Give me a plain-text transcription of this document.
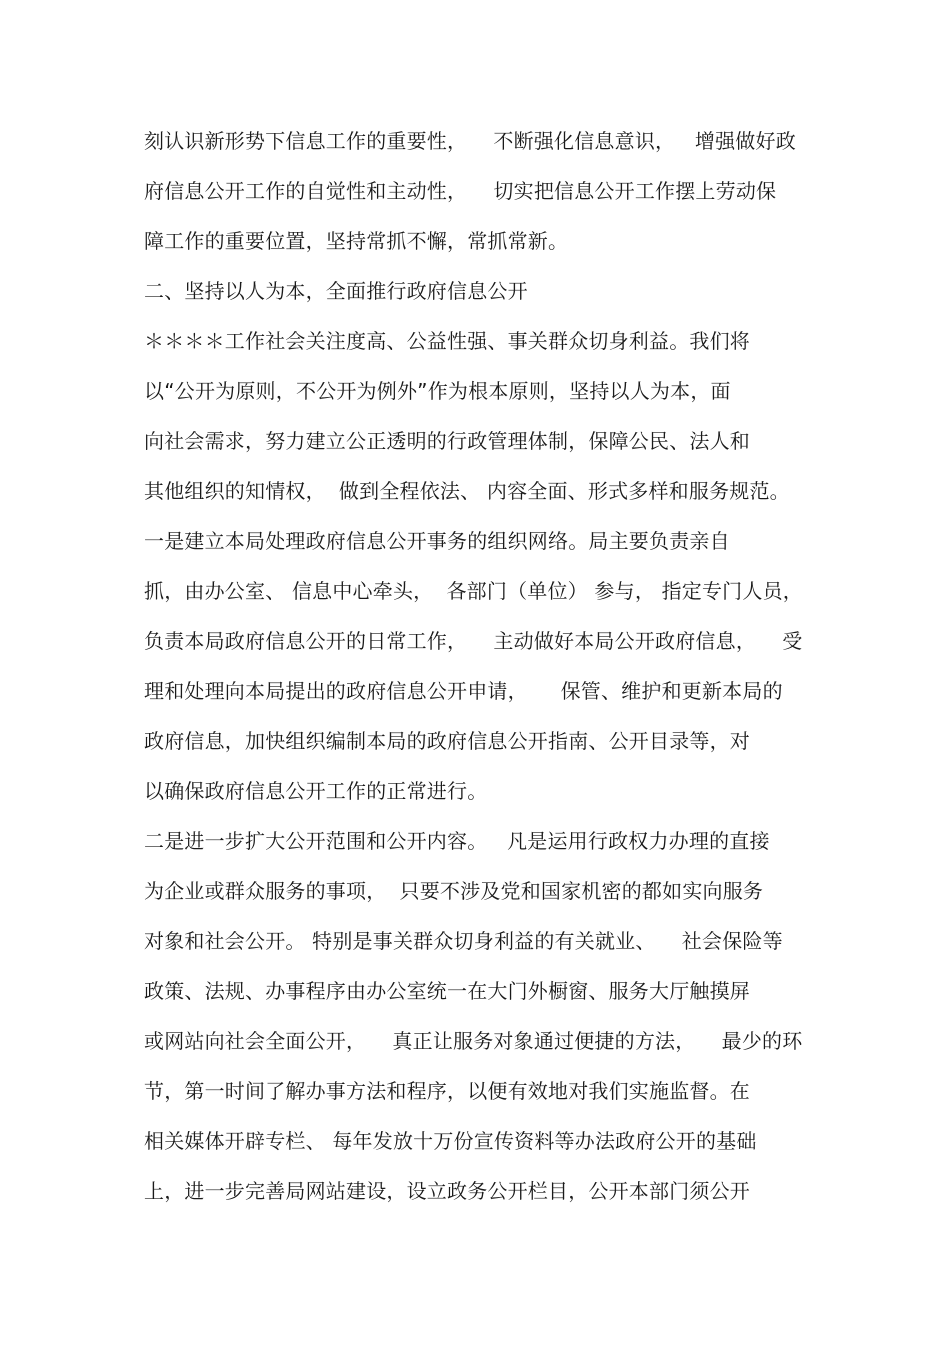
刻认识新形势下信息工作的重要性，    不断强化信息意识，   增强做好政
府信息公开工作的自觉性和主动性，    切实把信息公开工作摆上劳动保
障工作的重要位置，坚持常抓不懈，常抓常新。
二、坚持以人为本，全面推行政府信息公开
＊＊＊＊工作社会关注度高、公益性强、事关群众切身利益。我们将
以“公开为原则，不公开为例外”作为根本原则，坚持以人为本，面
向社会需求，努力建立公正透明的行政管理体制，保障公民、法人和
其他组织的知情权，  做到全程依法、 内容全面、形式多样和服务规范。
一是建立本局处理政府信息公开事务的组织网络。局主要负责亲自
抓，由办公室、 信息中心牵头，  各部门（单位） 参与， 指定专门人员，
负责本局政府信息公开的日常工作，    主动做好本局公开政府信息，    受
理和处理向本局提出的政府信息公开申请，     保管、维护和更新本局的
政府信息，加快组织编制本局的政府信息公开指南、公开目录等，对
以确保政府信息公开工作的正常进行。
二是进一步扩大公开范围和公开内容。   凡是运用行政权力办理的直接
为企业或群众服务的事项，  只要不涉及党和国家机密的都如实向服务
对象和社会公开。 特别是事关群众切身利益的有关就业、    社会保险等
政策、法规、办事程序由办公室统一在大门外橱窗、服务大厅触摸屏
或网站向社会全面公开，    真正让服务对象通过便捷的方法，    最少的环
节，第一时间了解办事方法和程序，以便有效地对我们实施监督。在
相关媒体开辟专栏、 每年发放十万份宣传资料等办法政府公开的基础
上，进一步完善局网站建设，设立政务公开栏目，公开本部门须公开
